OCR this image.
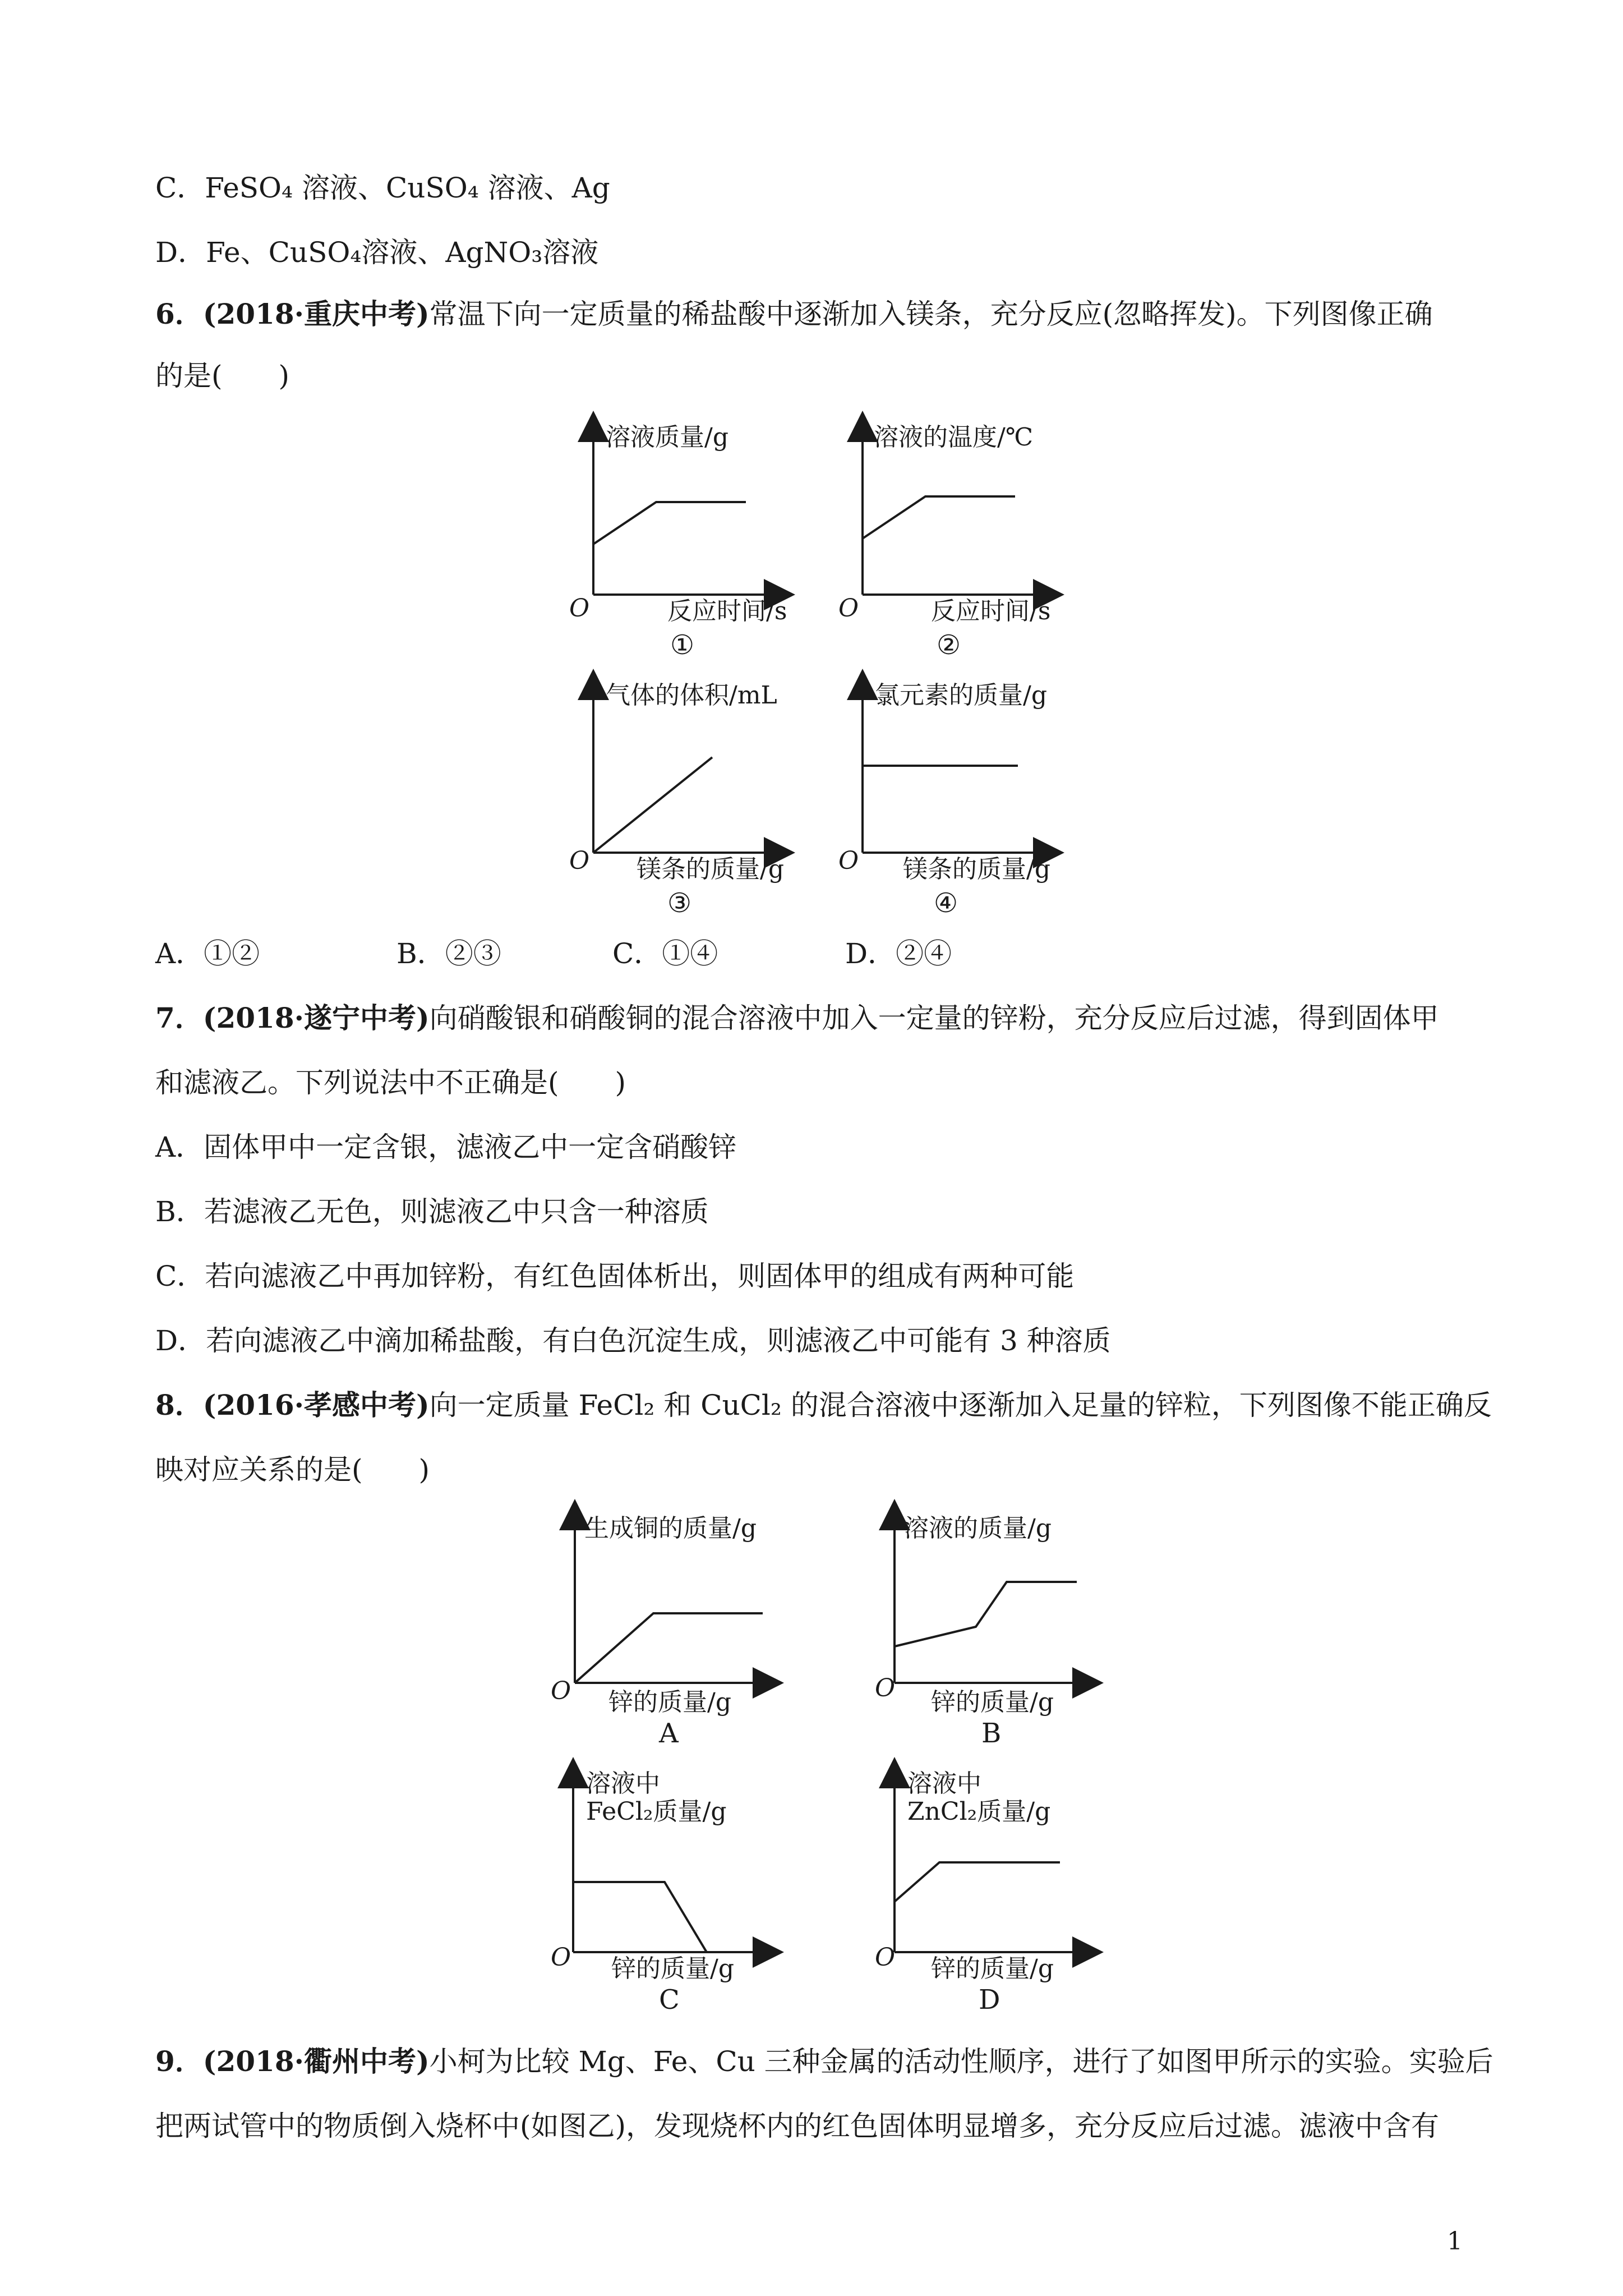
C．FeSO₄ 溶液、CuSO₄ 溶液、Ag
D．Fe、CuSO₄溶液、AgNO₃溶液
6．(2018·重庆中考)常温下向一定质量的稀盐酸中逐渐加入镁条，充分反应(忽略挥发)。下列图像正确
的是(　　)
溶液质量/g
O	反应时间/s
①
溶液的温度/℃
O	反应时间/s
②
气体的体积/mL
O 镁条的质量/g
③
氯元素的质量/g
O 镁条的质量/g
④
A．①②	B．②③	C．①④	D．②④
7．(2018·遂宁中考)向硝酸银和硝酸铜的混合溶液中加入一定量的锌粉，充分反应后过滤，得到固体甲
和滤液乙。下列说法中不正确是(　　)
A．固体甲中一定含银，滤液乙中一定含硝酸锌
B．若滤液乙无色，则滤液乙中只含一种溶质
C．若向滤液乙中再加锌粉，有红色固体析出，则固体甲的组成有两种可能
D．若向滤液乙中滴加稀盐酸，有白色沉淀生成，则滤液乙中可能有 3 种溶质
8．(2016·孝感中考)向一定质量 FeCl₂ 和 CuCl₂ 的混合溶液中逐渐加入足量的锌粒，下列图像不能正确反
映对应关系的是(　　)
生成铜的质量/g
O 锌的质量/g
A
溶液的质量/g
O 锌的质量/g
B
溶液中
FeCl₂质量/g
O 锌的质量/g
C
溶液中
ZnCl₂质量/g
O 锌的质量/g
D
9．(2018·衢州中考)小柯为比较 Mg、Fe、Cu 三种金属的活动性顺序，进行了如图甲所示的实验。实验后
把两试管中的物质倒入烧杯中(如图乙)，发现烧杯内的红色固体明显增多，充分反应后过滤。滤液中含有
1
